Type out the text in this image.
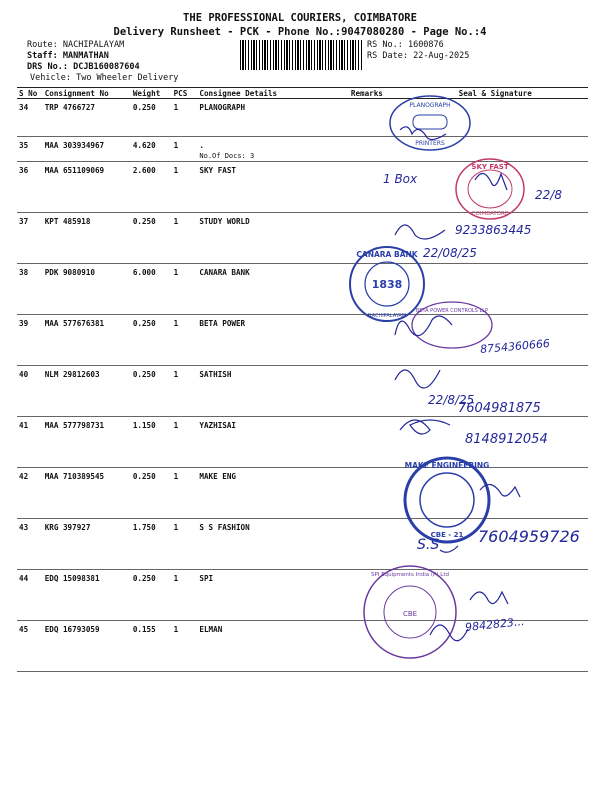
THE PROFESSIONAL COURIERS, COIMBATORE
Delivery Runsheet - PCK - Phone No.:9047080280 - Page No.:4
Route: NACHIPALAYAM
Staff: MANMATHAN
DRS No.: DCJB160087604
Vehicle: Two Wheeler Delivery
RS No.: 1600876
RS Date: 22-Aug-2025
S No	Consignment No	Weight	PCS	Consignee Details	Remarks	Seal & Signature
34	TRP 4766727	0.250	1	PLANOGRAPH		
35	MAA 303934967	4.620	1	.
No.Of Docs: 3		

36	MAA 651109069	2.600	1	SKY FAST		
37	KPT 485918	0.250	1	STUDY WORLD		
38	PDK 9080910	6.000	1	CANARA BANK		
39	MAA 577676381	0.250	1	BETA POWER		
40	NLM 29812603	0.250	1	SATHISH		
41	MAA 577798731	1.150	1	YAZHISAI		
42	MAA 710389545	0.250	1	MAKE ENG		
43	KRG 397927	1.750	1	S S FASHION		
44	EDQ 15098381	0.250	1	SPI		
45	EDQ 16793059	0.155	1	ELMAN		
PLANOGRAPH
PRINTERS
SKY FAST
COIMBATORE
CANARA BANK
1838
NACHIPALAYAM
BETA POWER CONTROLS LLP
MAKE ENGINEERING
CBE - 21
SPI Equipments India (P) Ltd
CBE
1 Box
22/8
9233863445
22/08/25
8754360666
22/8/25
7604981875
8148912054
S.S 7604959726
9842823...
